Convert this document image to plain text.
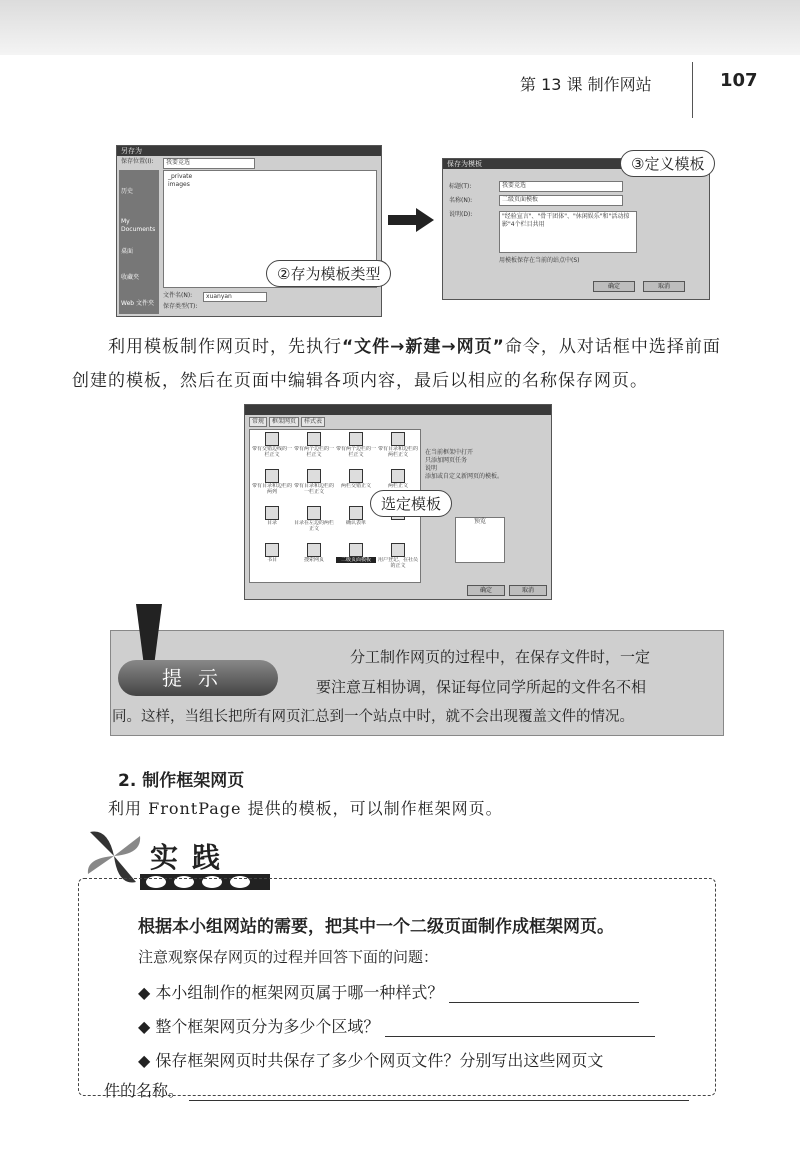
第 13 课 制作网站	107
另存为
保存位置(I):	我要竞选
历史
My Documents
桌面
收藏夹
Web 文件夹
_private
images
文件名(N):	xuanyan
保存类型(T):
②存为模板类型
保存为模板
标题(T):	我要竞选
名称(N):	二级页面模板
说明(D):	"经验宣言"、"骨干团体"、"休闲娱乐"和"活动掠影"4个栏目共用
用模板保存在当前的站点中(S)
确定	取消
③定义模板
利用模板制作网页时，先执行“文件→新建→网页”命令，从对话框中选择前面创建的模板，然后在页面中编辑各项内容，最后以相应的名称保存网页。
常规	框架网页	样式表
带有交错边线的一栏正文
带有两个边栏的一栏正文
带有两个边栏的一栏正文
带有目录和边栏的两栏正文
带有目录和边栏的两列
带有目录和边栏的一栏正文
两栏交错正文	两栏正文
目录	目录在左边的两栏正文
确认表单
书目	搜索网页	二级页面模板	用户登记、在社员的正文
在当前框架中打开
只添加网页任务
说明
添加或自定义新网页的模板。
预览
确定	取消
选定模板
提示
分工制作网页的过程中，在保存文件时，一定
要注意互相协调，保证每位同学所起的文件名不相
同。这样，当组长把所有网页汇总到一个站点中时，就不会出现覆盖文件的情况。
2. 制作框架网页
利用 FrontPage 提供的模板，可以制作框架网页。
实践
根据本小组网站的需要，把其中一个二级页面制作成框架网页。
注意观察保存网页的过程并回答下面的问题：
◆ 本小组制作的框架网页属于哪一种样式？
◆ 整个框架网页分为多少个区域？
◆ 保存框架网页时共保存了多少个网页文件？分别写出这些网页文
件的名称。
